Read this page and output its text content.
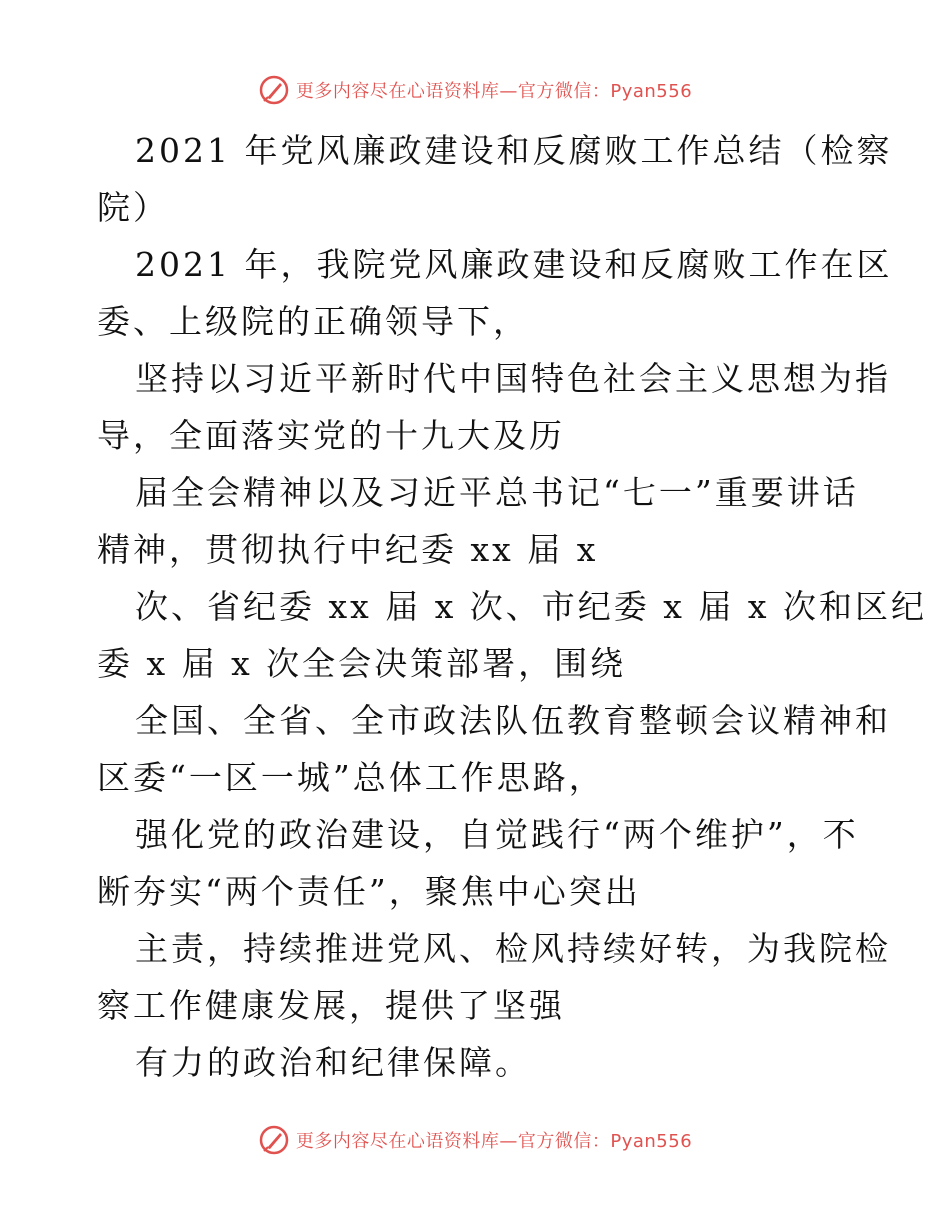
更多内容尽在心语资料库—官方微信：Pyan556
2021 年党风廉政建设和反腐败工作总结（检察
院）
2021 年，我院党风廉政建设和反腐败工作在区
委、上级院的正确领导下，
坚持以习近平新时代中国特色社会主义思想为指
导，全面落实党的十九大及历
届全会精神以及习近平总书记“七一”重要讲话
精神，贯彻执行中纪委 xx 届 x
次、省纪委 xx 届 x 次、市纪委 x 届 x 次和区纪
委 x 届 x 次全会决策部署，围绕
全国、全省、全市政法队伍教育整顿会议精神和
区委“一区一城”总体工作思路，
强化党的政治建设，自觉践行“两个维护”，不
断夯实“两个责任”，聚焦中心突出
主责，持续推进党风、检风持续好转，为我院检
察工作健康发展，提供了坚强
有力的政治和纪律保障。
更多内容尽在心语资料库—官方微信：Pyan556
